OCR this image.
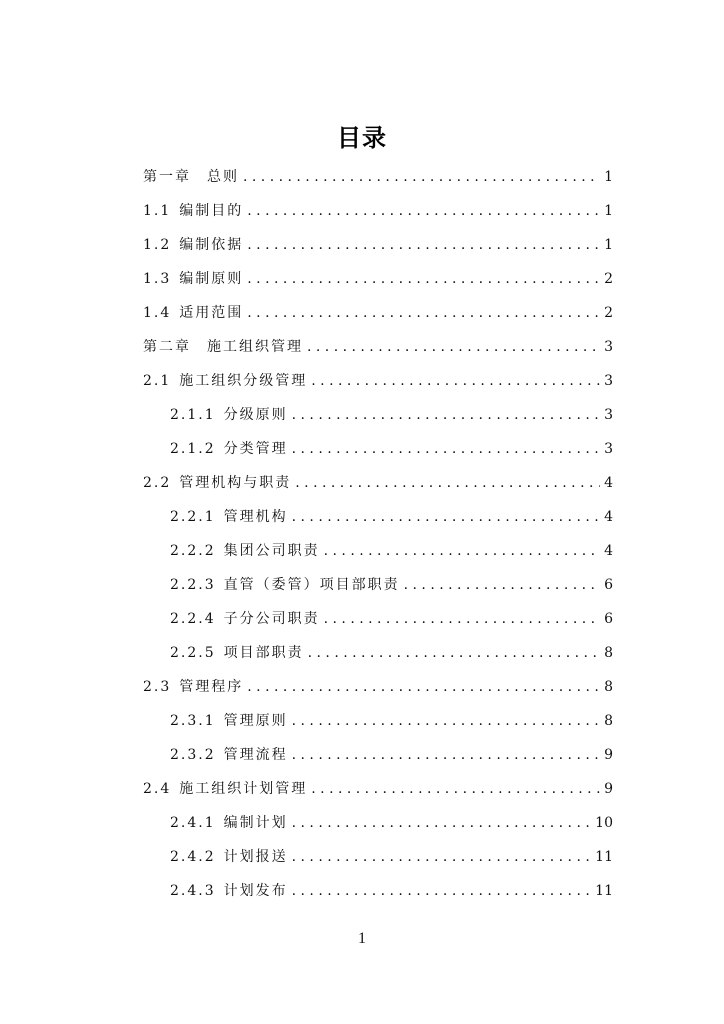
目录
第一章 总则 . . .	1
1.1 编制目的 . . .	1
1.2 编制依据 . . .	1
1.3 编制原则 . . .	2
1.4 适用范围 . . .	2
第二章 施工组织管理 . . .	3
2.1 施工组织分级管理 . . .	3
2.1.1 分级原则 . . .	3
2.1.2 分类管理 . . .	3
2.2 管理机构与职责 . . .	4
2.2.1 管理机构 . . .	4
2.2.2 集团公司职责 . . .	4
2.2.3 直管（委管）项目部职责 . . .	6
2.2.4 子分公司职责 . . .	6
2.2.5 项目部职责 . . .	8
2.3 管理程序 . . .	8
2.3.1 管理原则 . . .	8
2.3.2 管理流程 . . .	9
2.4 施工组织计划管理 . . .	9
2.4.1 编制计划 . . .	10
2.4.2 计划报送 . . .	11
2.4.3 计划发布 . . .	11
1
